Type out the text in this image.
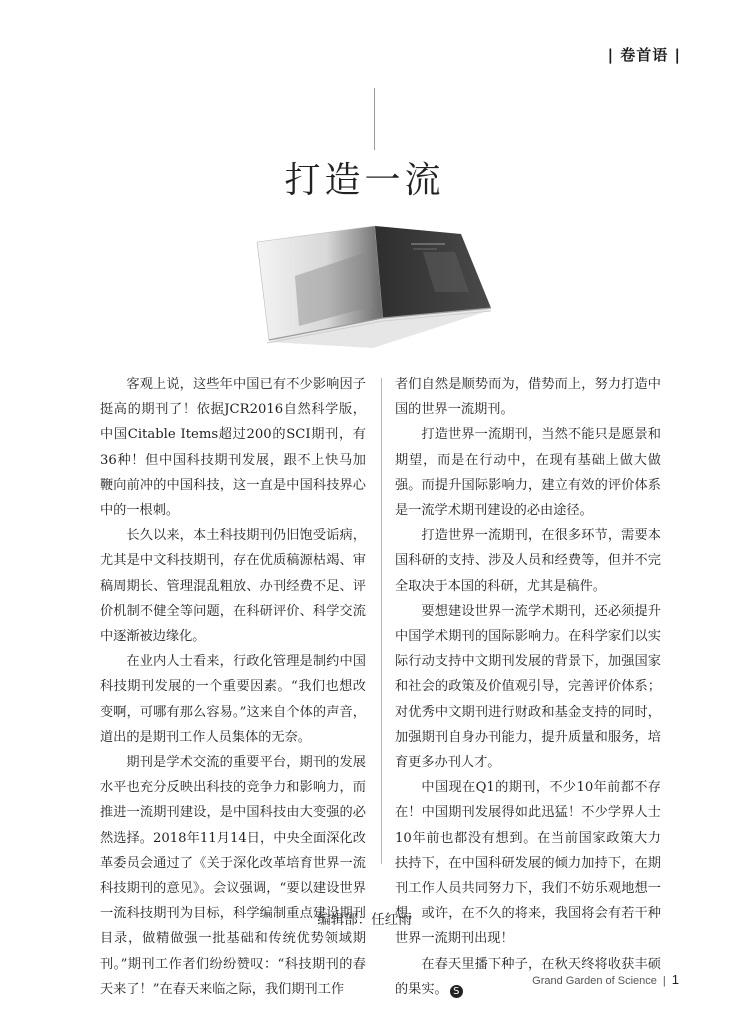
| 卷首语 |
打造一流

客观上说，这些年中国已有不少影响因子挺高的期刊了！依据JCR2016自然科学版，中国Citable Items超过200的SCI期刊，有36种！但中国科技期刊发展，跟不上快马加鞭向前冲的中国科技，这一直是中国科技界心中的一根刺。

长久以来，本土科技期刊仍旧饱受诟病，尤其是中文科技期刊，存在优质稿源枯竭、审稿周期长、管理混乱粗放、办刊经费不足、评价机制不健全等问题，在科研评价、科学交流中逐渐被边缘化。

在业内人士看来，行政化管理是制约中国科技期刊发展的一个重要因素。“我们也想改变啊，可哪有那么容易。”这来自个体的声音，道出的是期刊工作人员集体的无奈。

期刊是学术交流的重要平台，期刊的发展水平也充分反映出科技的竞争力和影响力，而推进一流期刊建设，是中国科技由大变强的必然选择。2018年11月14日，中央全面深化改革委员会通过了《关于深化改革培育世界一流科技期刊的意见》。会议强调，“要以建设世界一流科技期刊为目标，科学编制重点建设期刊目录，做精做强一批基础和传统优势领域期刊。”期刊工作者们纷纷赞叹：“科技期刊的春天来了！”在春天来临之际，我们期刊工作

者们自然是顺势而为，借势而上，努力打造中国的世界一流期刊。

打造世界一流期刊，当然不能只是愿景和期望，而是在行动中，在现有基础上做大做强。而提升国际影响力，建立有效的评价体系是一流学术期刊建设的必由途径。

打造世界一流期刊，在很多环节，需要本国科研的支持、涉及人员和经费等，但并不完全取决于本国的科研，尤其是稿件。

要想建设世界一流学术期刊，还必须提升中国学术期刊的国际影响力。在科学家们以实际行动支持中文期刊发展的背景下，加强国家和社会的政策及价值观引导，完善评价体系；对优秀中文期刊进行财政和基金支持的同时，加强期刊自身办刊能力，提升质量和服务，培育更多办刊人才。

中国现在Q1的期刊，不少10年前都不存在！中国期刊发展得如此迅猛！不少学界人士10年前也都没有想到。在当前国家政策大力扶持下，在中国科研发展的倾力加持下，在期刊工作人员共同努力下，我们不妨乐观地想一想，或许，在不久的将来，我国将会有若干种世界一流期刊出现！

在春天里播下种子，在秋天终将收获丰硕的果实。 S

编辑部：任红雨
Grand Garden of Science | 1
